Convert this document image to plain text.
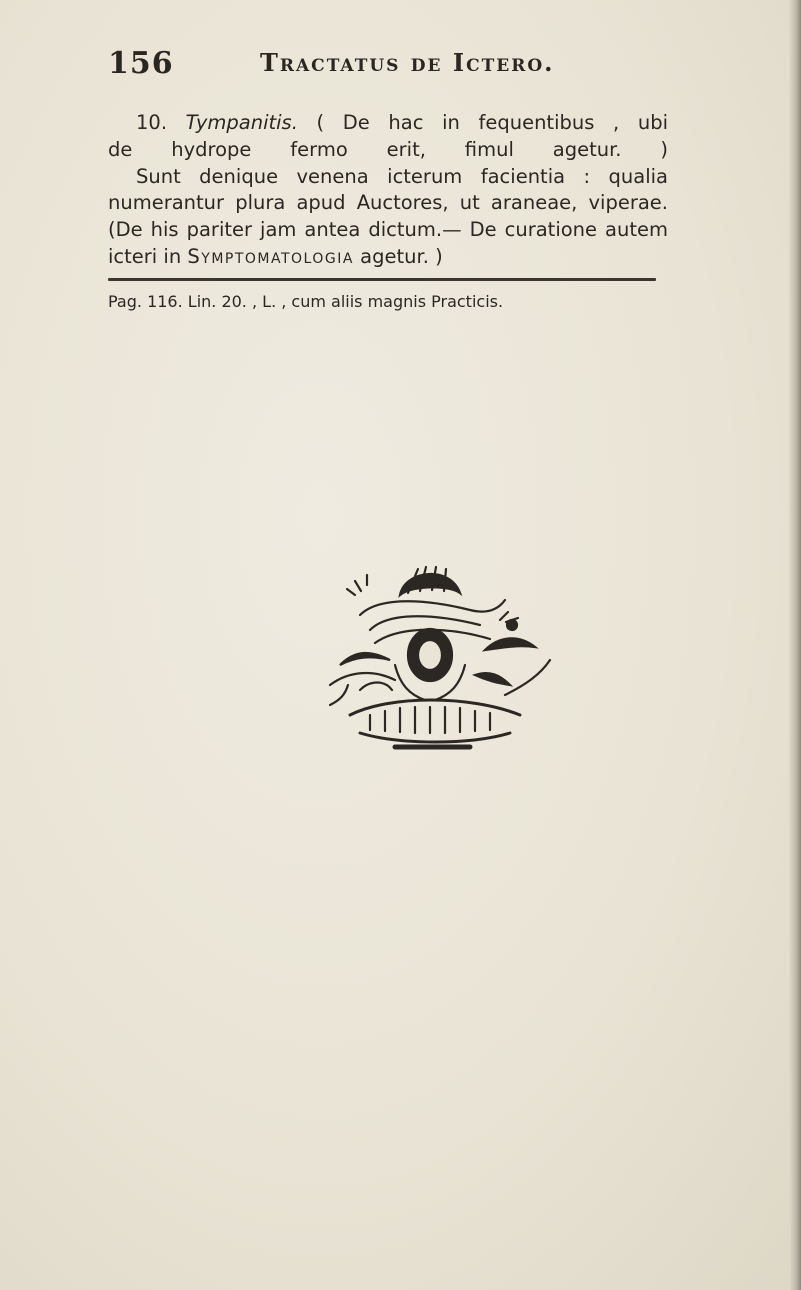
156	Tractatus de Ictero.
10. Tympanitis. ( De hac in fequentibus , ubi
de hydrope fermo erit, fimul agetur. )
Sunt denique venena icterum facientia : qualia
numerantur plura apud Auctores, ut araneae, viperae.
(De his pariter jam antea dictum.— De curatione autem
icteri in Symptomatologia agetur. )
Pag. 116. Lin. 20. , L. , cum aliis magnis Practicis.
